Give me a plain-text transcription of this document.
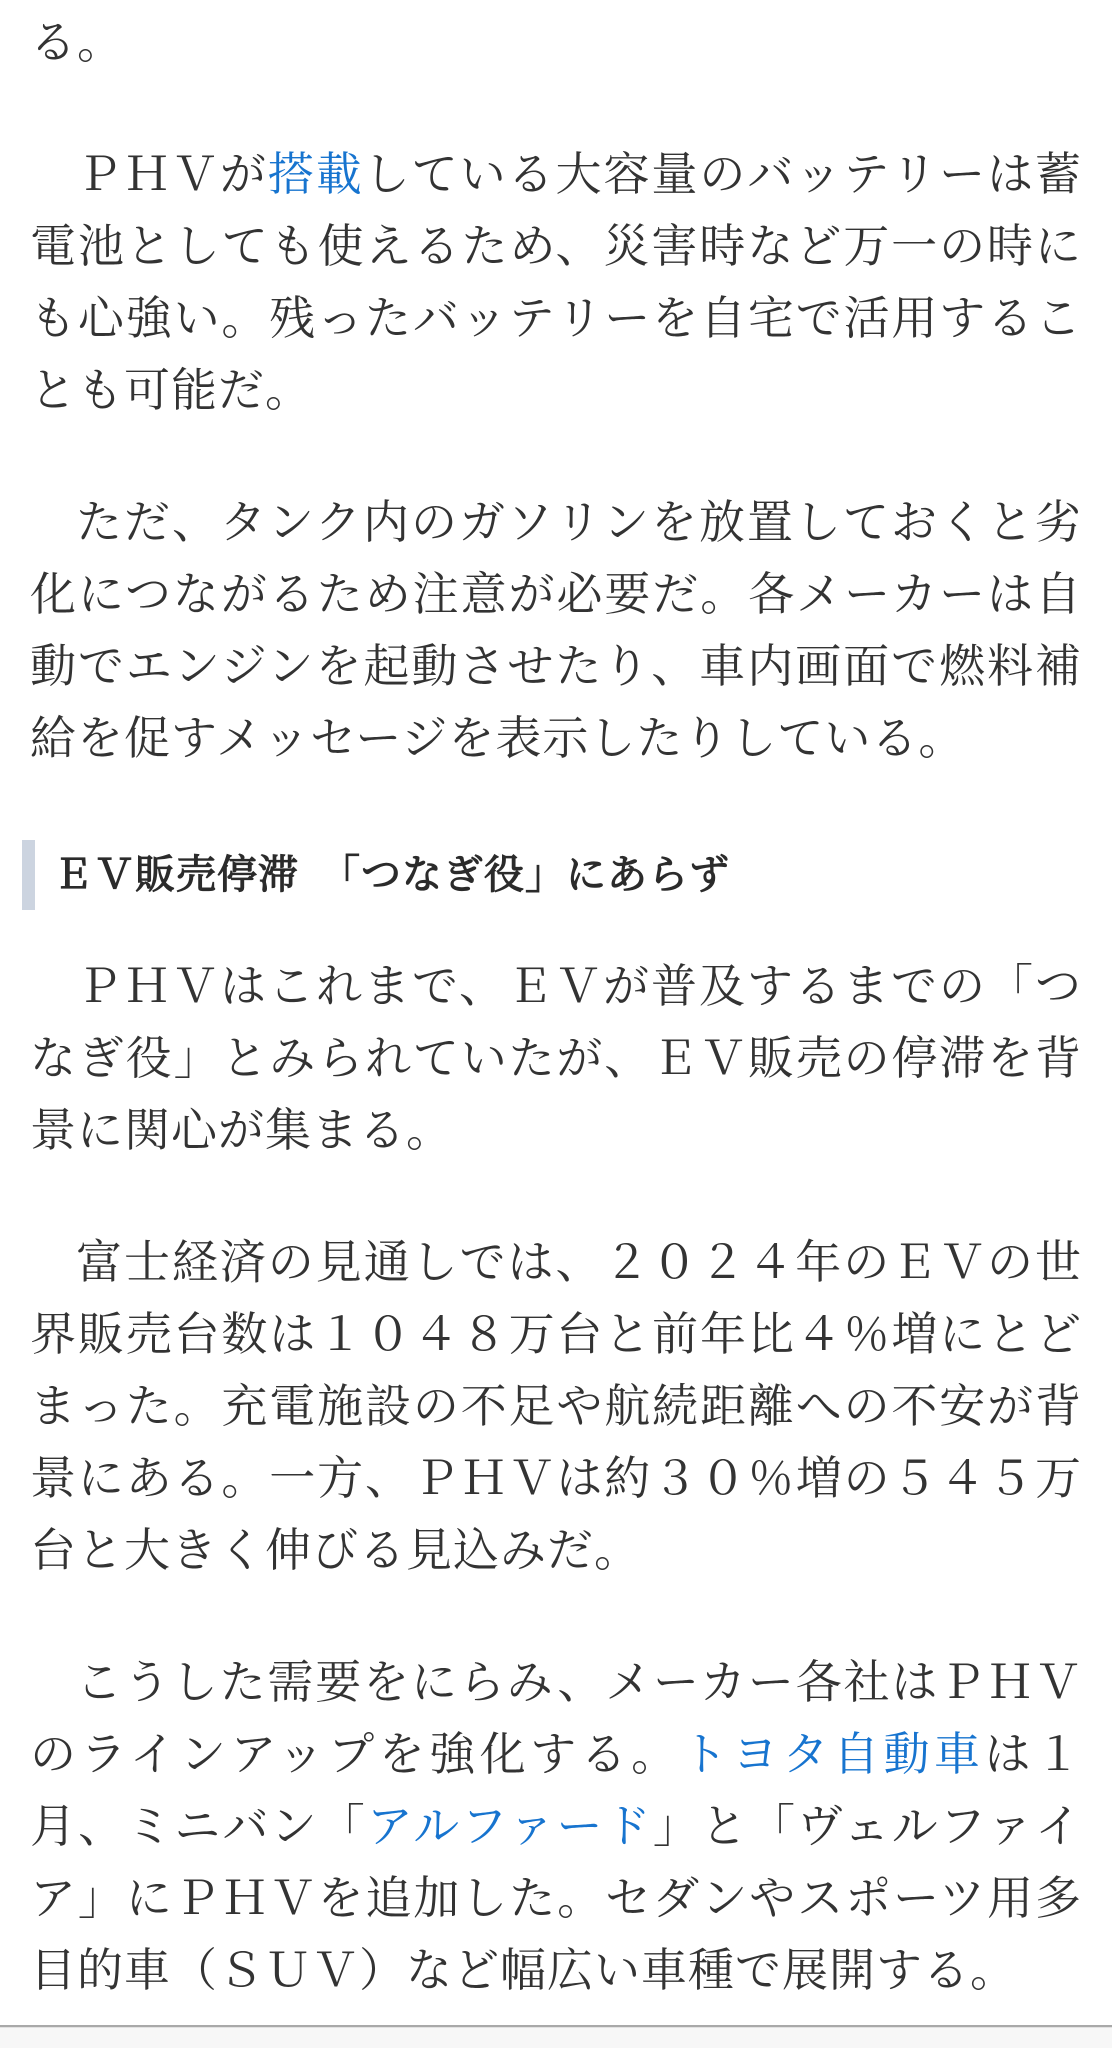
る。

ＰＨＶが搭載している大容量のバッテリーは蓄電池としても使えるため、災害時など万一の時にも心強い。残ったバッテリーを自宅で活用することも可能だ。

ただ、タンク内のガソリンを放置しておくと劣化につながるため注意が必要だ。各メーカーは自動でエンジンを起動させたり、車内画面で燃料補給を促すメッセージを表示したりしている。

ＥＶ販売停滞　「つなぎ役」にあらず

ＰＨＶはこれまで、ＥＶが普及するまでの「つなぎ役」とみられていたが、ＥＶ販売の停滞を背景に関心が集まる。

富士経済の見通しでは、２０２４年のＥＶの世界販売台数は１０４８万台と前年比４％増にとどまった。充電施設の不足や航続距離への不安が背景にある。一方、ＰＨＶは約３０％増の５４５万台と大きく伸びる見込みだ。

こうした需要をにらみ、メーカー各社はＰＨＶのラインアップを強化する。トヨタ自動車は１月、ミニバン「アルファード」と「ヴェルファイア」にＰＨＶを追加した。セダンやスポーツ用多目的車（ＳＵＶ）など幅広い車種で展開する。
